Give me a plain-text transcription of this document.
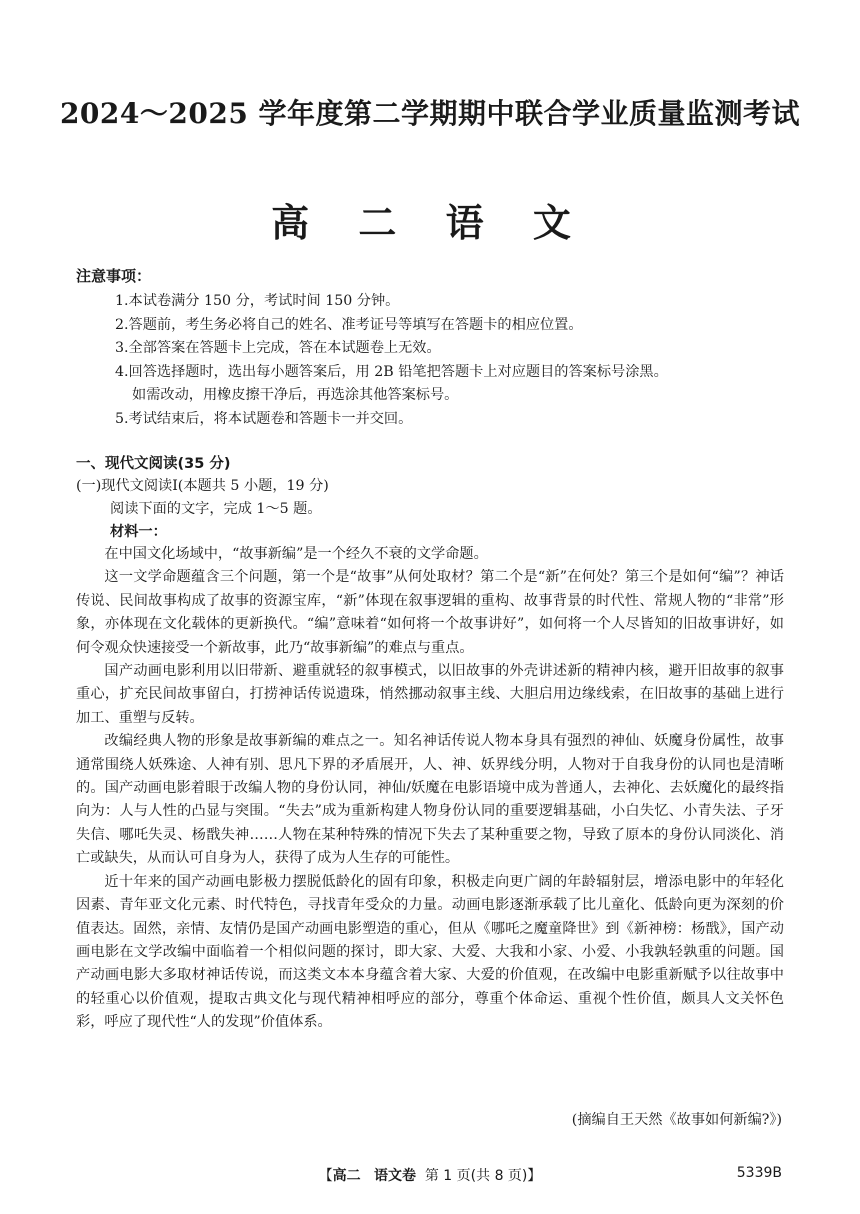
2024～2025 学年度第二学期期中联合学业质量监测考试
高 二 语 文
注意事项：
1.本试卷满分 150 分，考试时间 150 分钟。
2.答题前，考生务必将自己的姓名、准考证号等填写在答题卡的相应位置。
3.全部答案在答题卡上完成，答在本试题卷上无效。
4.回答选择题时，选出每小题答案后，用 2B 铅笔把答题卡上对应题目的答案标号涂黑。
如需改动，用橡皮擦干净后，再选涂其他答案标号。
5.考试结束后，将本试题卷和答题卡一并交回。
一、现代文阅读(35 分)
(一)现代文阅读Ⅰ(本题共 5 小题，19 分)
阅读下面的文字，完成 1～5 题。
材料一：

在中国文化场域中，“故事新编”是一个经久不衰的文学命题。

这一文学命题蕴含三个问题，第一个是“故事”从何处取材？第二个是“新”在何处？第三个是如何“编”？神话传说、民间故事构成了故事的资源宝库，“新”体现在叙事逻辑的重构、故事背景的时代性、常规人物的“非常”形象，亦体现在文化载体的更新换代。“编”意味着“如何将一个故事讲好”，如何将一个人尽皆知的旧故事讲好，如何令观众快速接受一个新故事，此乃“故事新编”的难点与重点。

国产动画电影利用以旧带新、避重就轻的叙事模式，以旧故事的外壳讲述新的精神内核，避开旧故事的叙事重心，扩充民间故事留白，打捞神话传说遗珠，悄然挪动叙事主线、大胆启用边缘线索，在旧故事的基础上进行加工、重塑与反转。

改编经典人物的形象是故事新编的难点之一。知名神话传说人物本身具有强烈的神仙、妖魔身份属性，故事通常围绕人妖殊途、人神有别、思凡下界的矛盾展开，人、神、妖界线分明，人物对于自我身份的认同也是清晰的。国产动画电影着眼于改编人物的身份认同，神仙/妖魔在电影语境中成为普通人，去神化、去妖魔化的最终指向为：人与人性的凸显与突围。“失去”成为重新构建人物身份认同的重要逻辑基础，小白失忆、小青失法、子牙失信、哪吒失灵、杨戬失神……人物在某种特殊的情况下失去了某种重要之物，导致了原本的身份认同淡化、消亡或缺失，从而认可自身为人，获得了成为人生存的可能性。

近十年来的国产动画电影极力摆脱低龄化的固有印象，积极走向更广阔的年龄辐射层，增添电影中的年轻化因素、青年亚文化元素、时代特色，寻找青年受众的力量。动画电影逐渐承载了比儿童化、低龄向更为深刻的价值表达。固然，亲情、友情仍是国产动画电影塑造的重心，但从《哪吒之魔童降世》到《新神榜：杨戬》，国产动画电影在文学改编中面临着一个相似问题的探讨，即大家、大爱、大我和小家、小爱、小我孰轻孰重的问题。国产动画电影大多取材神话传说，而这类文本本身蕴含着大家、大爱的价值观，在改编中电影重新赋予以往故事中的轻重心以价值观，提取古典文化与现代精神相呼应的部分，尊重个体命运、重视个性价值，颇具人文关怀色彩，呼应了现代性“人的发现”价值体系。

(摘编自王天然《故事如何新编?》)
【高二 语文卷 第 1 页(共 8 页)】	5339B
